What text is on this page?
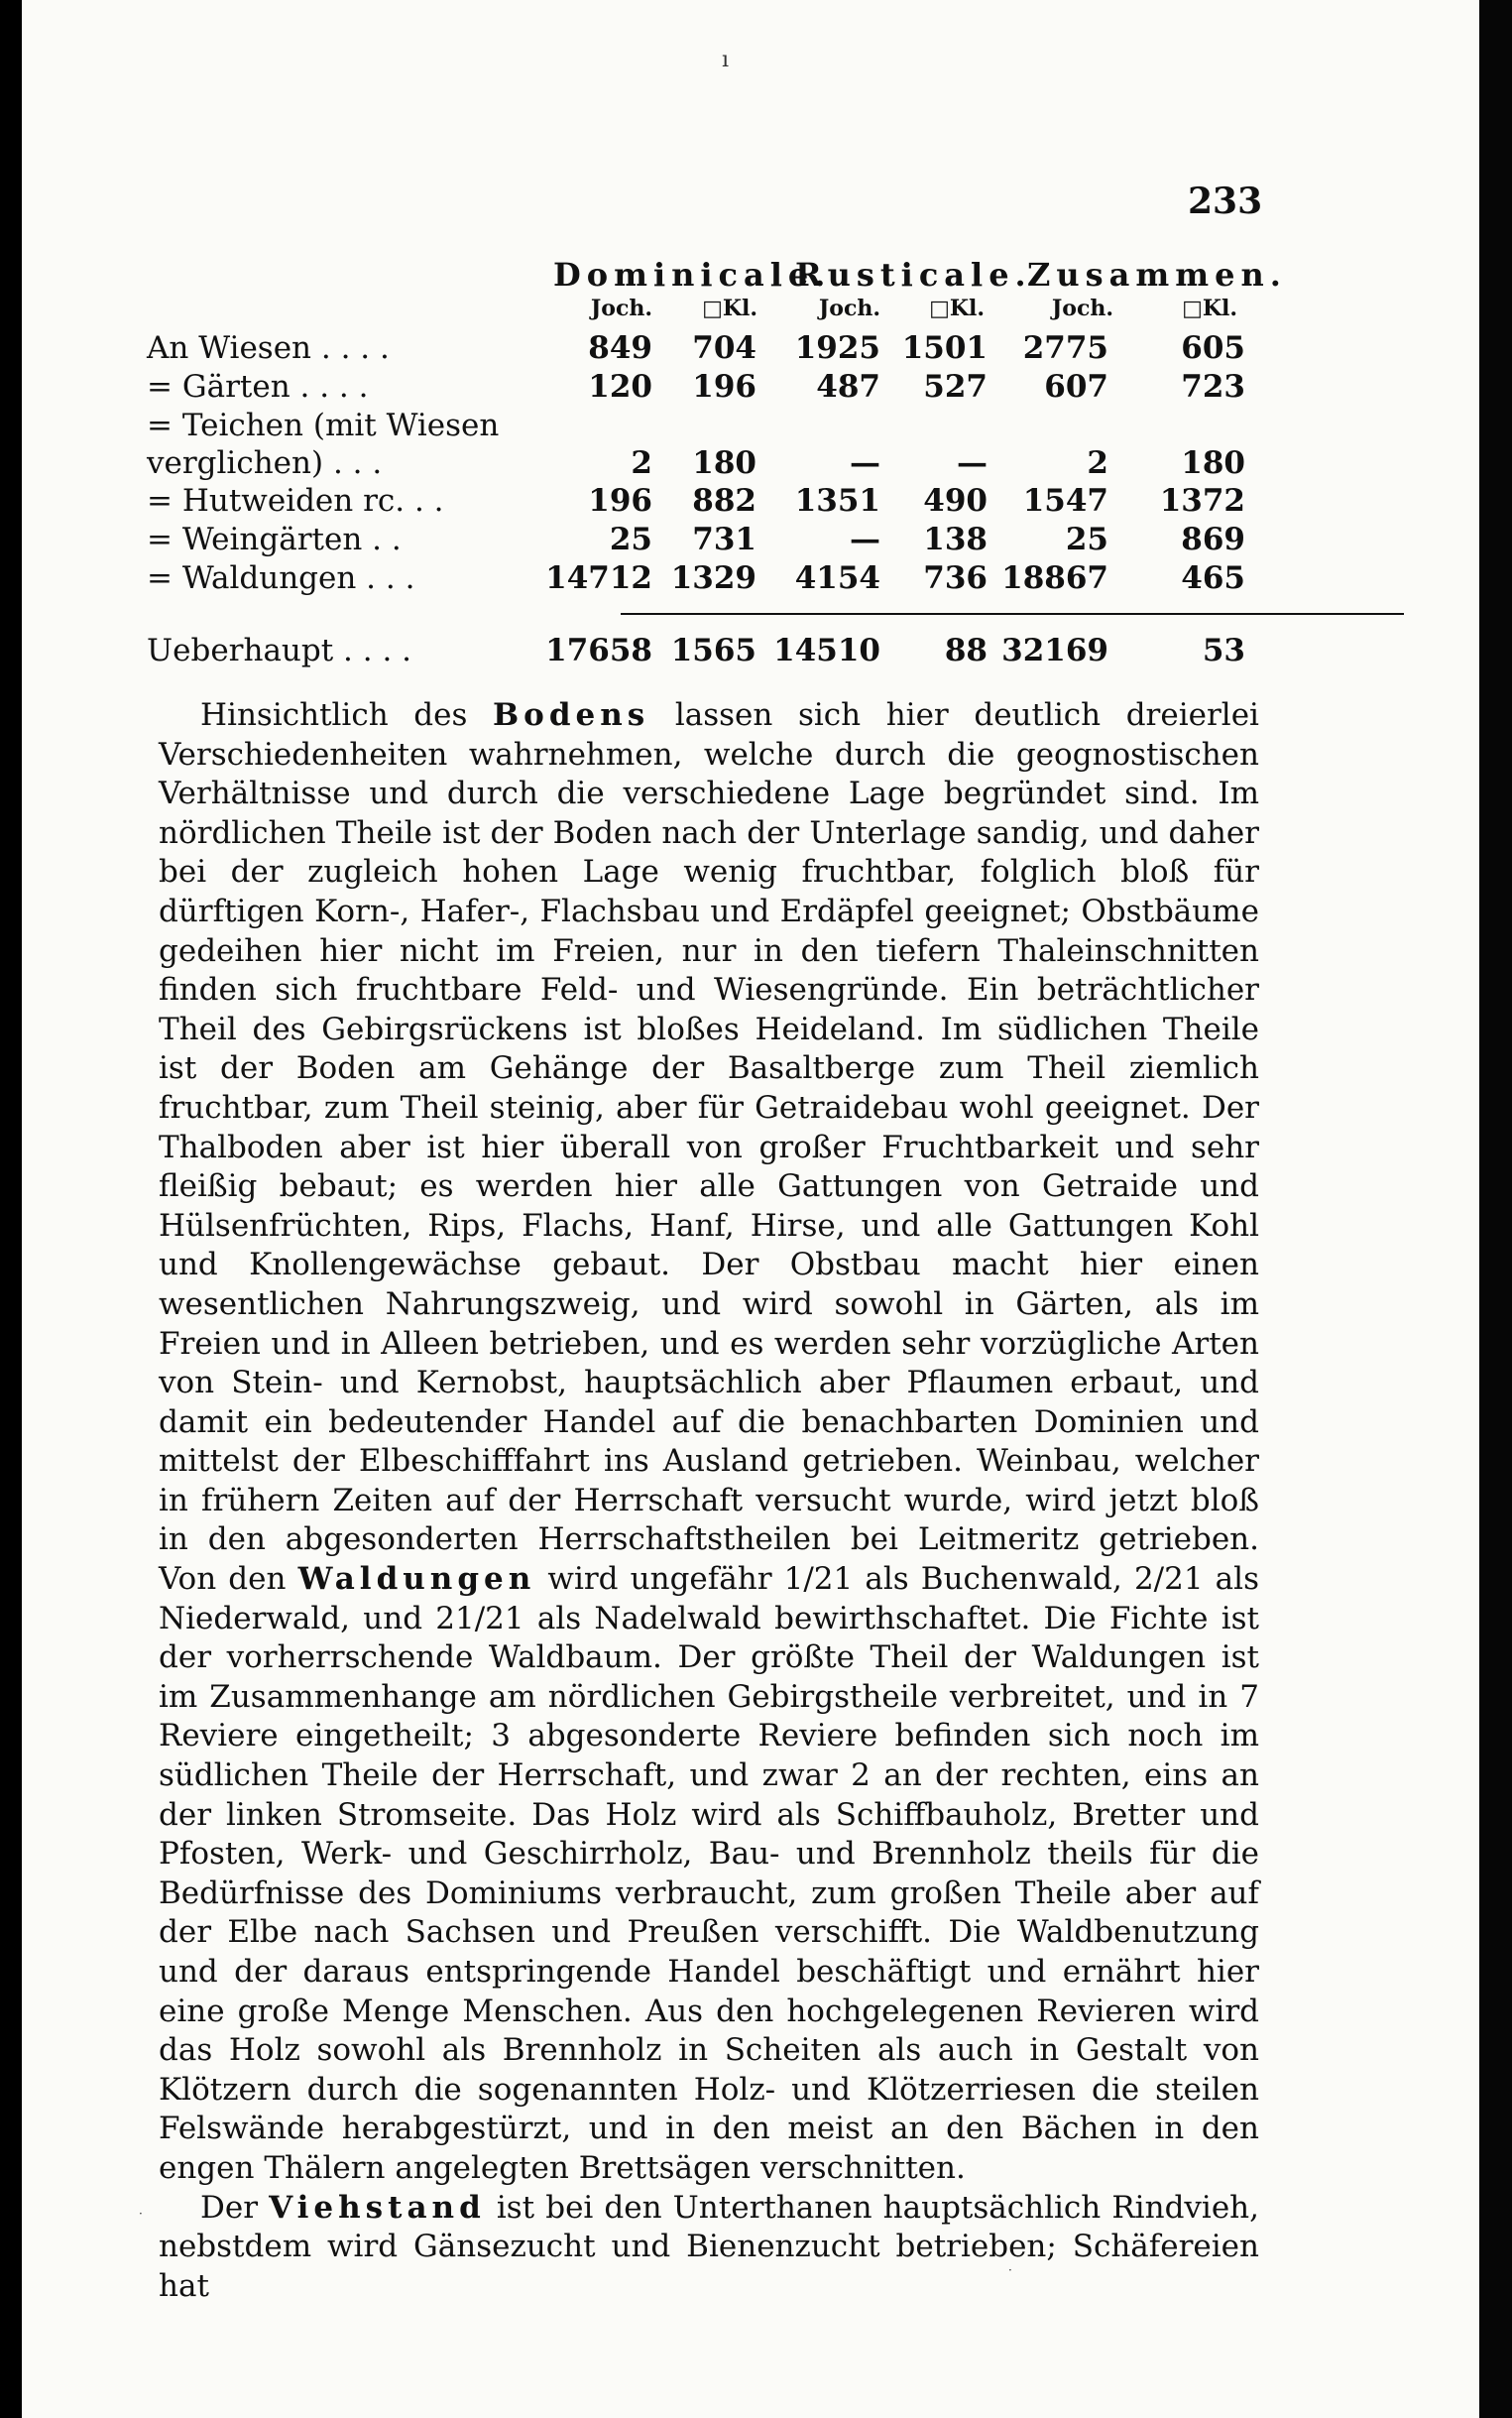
ı
233
Dominicale.
Rusticale.
Zusammen.
Joch.	□Kl.	Joch.	□Kl.	Joch.	□Kl.
An Wiesen . . . .	849	704	1925 1501	2775	605
= Gärten . . . .	120	196	487	527	607	723
= Teichen (mit Wiesen
verglichen) . . .	2	180	—	—	2	180
= Hutweiden rc. . .	196	882	1351	490	1547	1372
= Weingärten . .	25	731	—	138	25	869
= Waldungen . . .	14712 1329	4154	736 18867	465
Ueberhaupt . . . .	17658 1565 14510	88 32169	53

Hinsichtlich des Bodens lassen sich hier deutlich dreierlei Verschiedenheiten wahrnehmen, welche durch die geognostischen Verhältnisse und durch die verschiedene Lage begründet sind. Im nördlichen Theile ist der Boden nach der Unterlage sandig, und daher bei der zugleich hohen Lage wenig fruchtbar, folglich bloß für dürftigen Korn-, Hafer-, Flachsbau und Erdäpfel geeignet; Obstbäume gedeihen hier nicht im Freien, nur in den tiefern Thaleinschnitten finden sich fruchtbare Feld- und Wiesengründe. Ein beträchtlicher Theil des Gebirgsrückens ist bloßes Heideland. Im südlichen Theile ist der Boden am Gehänge der Basaltberge zum Theil ziemlich fruchtbar, zum Theil steinig, aber für Getraidebau wohl geeignet. Der Thalboden aber ist hier überall von großer Fruchtbarkeit und sehr fleißig bebaut; es werden hier alle Gattungen von Getraide und Hülsenfrüchten, Rips, Flachs, Hanf, Hirse, und alle Gattungen Kohl und Knollengewächse gebaut. Der Obstbau macht hier einen wesentlichen Nahrungszweig, und wird sowohl in Gärten, als im Freien und in Alleen betrieben, und es werden sehr vorzügliche Arten von Stein- und Kernobst, hauptsächlich aber Pflaumen erbaut, und damit ein bedeutender Handel auf die benachbarten Dominien und mittelst der Elbeschifffahrt ins Ausland getrieben. Weinbau, welcher in frühern Zeiten auf der Herrschaft versucht wurde, wird jetzt bloß in den abgesonderten Herrschaftstheilen bei Leitmeritz getrieben. Von den Waldungen wird ungefähr 1/21 als Buchenwald, 2/21 als Niederwald, und 21/21 als Nadelwald bewirthschaftet. Die Fichte ist der vorherrschende Waldbaum. Der größte Theil der Waldungen ist im Zusammenhange am nördlichen Gebirgstheile verbreitet, und in 7 Reviere eingetheilt; 3 abgesonderte Reviere befinden sich noch im südlichen Theile der Herrschaft, und zwar 2 an der rechten, eins an der linken Stromseite. Das Holz wird als Schiffbauholz, Bretter und Pfosten, Werk- und Geschirrholz, Bau- und Brennholz theils für die Bedürfnisse des Dominiums verbraucht, zum großen Theile aber auf der Elbe nach Sachsen und Preußen verschifft. Die Waldbenutzung und der daraus entspringende Handel beschäftigt und ernährt hier eine große Menge Menschen. Aus den hochgelegenen Revieren wird das Holz sowohl als Brennholz in Scheiten als auch in Gestalt von Klötzern durch die sogenannten Holz- und Klötzerriesen die steilen Felswände herabgestürzt, und in den meist an den Bächen in den engen Thälern angelegten Brettsägen verschnitten.

Der Viehstand ist bei den Unterthanen hauptsächlich Rindvieh, nebstdem wird Gänsezucht und Bienenzucht betrieben; Schäfereien hat

·
·
